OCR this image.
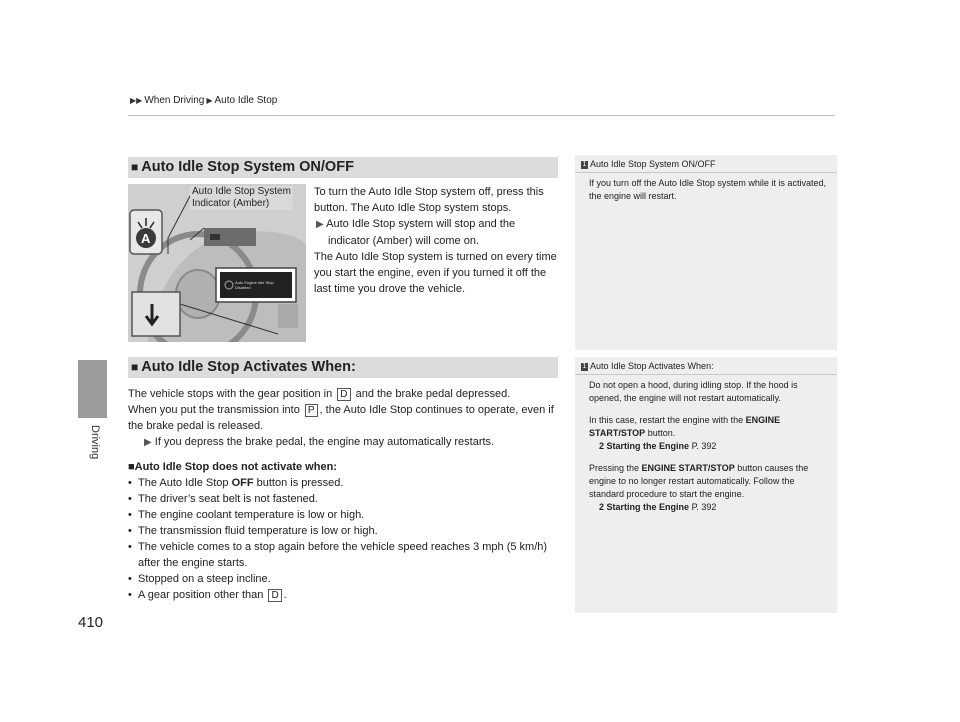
▶▶ When Driving ▶ Auto Idle Stop
Driving
410
■ Auto Idle Stop System ON/OFF
A
Auto Idle Stop System
Indicator (Amber)
Auto Engine Idle Stop
Disabled
To turn the Auto Idle Stop system off, press this button. The Auto Idle Stop system stops.
▶ Auto Idle Stop system will stop and the indicator (Amber) will come on.
The Auto Idle Stop system is turned on every time you start the engine, even if you turned it off the last time you drove the vehicle.
1 Auto Idle Stop System ON/OFF

If you turn off the Auto Idle Stop system while it is activated, the engine will restart.

■ Auto Idle Stop Activates When:
The vehicle stops with the gear position in D and the brake pedal depressed.
When you put the transmission into P , the Auto Idle Stop continues to operate, even if the brake pedal is released.
▶ If you depress the brake pedal, the engine may automatically restarts.
■Auto Idle Stop does not activate when:
• The Auto Idle Stop OFF button is pressed.
• The driver’s seat belt is not fastened.
• The engine coolant temperature is low or high.
• The transmission fluid temperature is low or high.
• The vehicle comes to a stop again before the vehicle speed reaches 3 mph (5 km/h) after the engine starts.
• Stopped on a steep incline.
• A gear position other than D .
1 Auto Idle Stop Activates When:

Do not open a hood, during idling stop. If the hood is opened, the engine will not restart automatically.

In this case, restart the engine with the ENGINE START/STOP button.
2 Starting the Engine P. 392

Pressing the ENGINE START/STOP button causes the engine to no longer restart automatically. Follow the standard procedure to start the engine.
2 Starting the Engine P. 392
